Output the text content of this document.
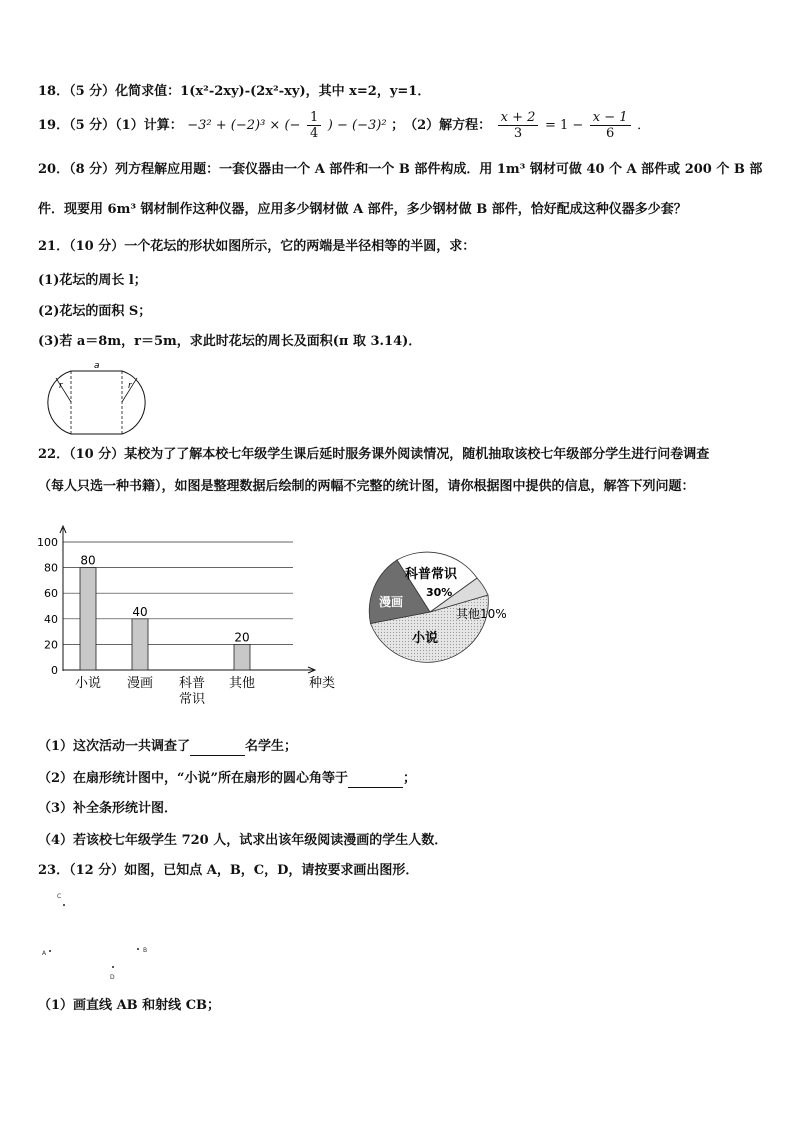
18．（5 分）化简求值：1(x²-2xy)-(2x²-xy)，其中 x=2，y=1．
19．（5 分）（1）计算： −3² + (−2)³ × (− $\frac{1}{4}$ ) − (−3)² ；　（2）解方程： $\frac{x + 2}{3} = 1 - \frac{x - 1}{6}$ ．
20．（8 分）列方程解应用题：一套仪器由一个 A 部件和一个 B 部件构成．用 1m³ 钢材可做 40 个 A 部件或 200 个 B 部
件．现要用 6m³ 钢材制作这种仪器，应用多少钢材做 A 部件，多少钢材做 B 部件，恰好配成这种仪器多少套？
21．（10 分）一个花坛的形状如图所示，它的两端是半径相等的半圆，求：
(1)花坛的周长 l；
(2)花坛的面积 S；
(3)若 a＝8m，r＝5m，求此时花坛的周长及面积(π 取 3.14)．
a
r	r
22．（10 分）某校为了了解本校七年级学生课后延时服务课外阅读情况，随机抽取该校七年级部分学生进行问卷调查
（每人只选一种书籍），如图是整理数据后绘制的两幅不完整的统计图，请你根据图中提供的信息，解答下列问题：
0
20
40
60
80
100
80
小说
40
漫画 科普
常识
20
其他	种类
科普常识
30%
漫画
其他10%
小说
（1）这次活动一共调查了	名学生；
（2）在扇形统计图中，“小说”所在扇形的圆心角等于	；
（3）补全条形统计图．
（4）若该校七年级学生 720 人，试求出该年级阅读漫画的学生人数．
23．（12 分）如图，已知点 A，B，C，D，请按要求画出图形．
C
A	B
D
（1）画直线 AB 和射线 CB；
